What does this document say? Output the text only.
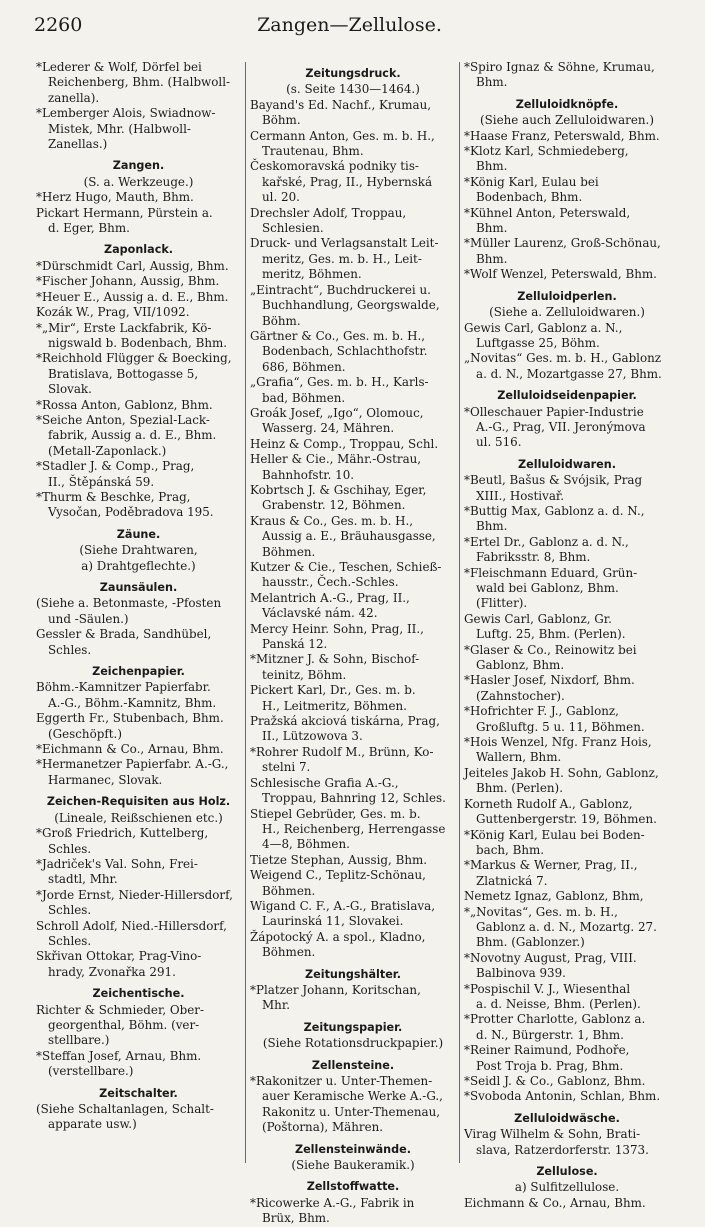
2260	Zangen—Zellulose.
*Lederer & Wolf, Dörfel bei
Reichenberg, Bhm. (Halbwoll-
zanella).
*Lemberger Alois, Swiadnow-
Mistek, Mhr. (Halbwoll-
Zanellas.)
Zangen.
(S. a. Werkzeuge.)
*Herz Hugo, Mauth, Bhm.
Pickart Hermann, Pürstein a.
d. Eger, Bhm.
Zaponlack.
*Dürschmidt Carl, Aussig, Bhm.
*Fischer Johann, Aussig, Bhm.
*Heuer E., Aussig a. d. E., Bhm.
Kozák W., Prag, VII/1092.
*„Mir“, Erste Lackfabrik, Kö-
nigswald b. Bodenbach, Bhm.
*Reichhold Flügger & Boecking,
Bratislava, Bottogasse 5,
Slovak.
*Rossa Anton, Gablonz, Bhm.
*Seiche Anton, Spezial-Lack-
fabrik, Aussig a. d. E., Bhm.
(Metall-Zaponlack.)
*Stadler J. & Comp., Prag,
II., Štěpánská 59.
*Thurm & Beschke, Prag,
Vysočan, Poděbradova 195.
Zäune.
(Siehe Drahtwaren,
a) Drahtgeflechte.)
Zaunsäulen.
(Siehe a. Betonmaste, -Pfosten
und -Säulen.)
Gessler & Brada, Sandhübel,
Schles.
Zeichenpapier.
Böhm.-Kamnitzer Papierfabr.
A.-G., Böhm.-Kamnitz, Bhm.
Eggerth Fr., Stubenbach, Bhm.
(Geschöpft.)
*Eichmann & Co., Arnau, Bhm.
*Hermanetzer Papierfabr. A.-G.,
Harmanec, Slovak.
Zeichen-Requisiten aus Holz.
(Lineale, Reißschienen etc.)
*Groß Friedrich, Kuttelberg,
Schles.
*Jadriček's Val. Sohn, Frei-
stadtl, Mhr.
*Jorde Ernst, Nieder-Hillersdorf,
Schles.
Schroll Adolf, Nied.-Hillersdorf,
Schles.
Skřivan Ottokar, Prag-Vino-
hrady, Zvonařka 291.
Zeichentische.
Richter & Schmieder, Ober-
georgenthal, Böhm. (ver-
stellbare.)
*Steffan Josef, Arnau, Bhm.
(verstellbare.)
Zeitschalter.
(Siehe Schaltanlagen, Schalt-
apparate usw.)
Zeitungsdruck.
(s. Seite 1430—1464.)
Bayand's Ed. Nachf., Krumau,
Böhm.
Cermann Anton, Ges. m. b. H.,
Trautenau, Bhm.
Českomoravská podniky tis-
kařské, Prag, II., Hybernská
ul. 20.
Drechsler Adolf, Troppau,
Schlesien.
Druck- und Verlagsanstalt Leit-
meritz, Ges. m. b. H., Leit-
meritz, Böhmen.
„Eintracht“, Buchdruckerei u.
Buchhandlung, Georgswalde,
Böhm.
Gärtner & Co., Ges. m. b. H.,
Bodenbach, Schlachthofstr.
686, Böhmen.
„Grafia“, Ges. m. b. H., Karls-
bad, Böhmen.
Groák Josef, „Igo“, Olomouc,
Wasserg. 24, Mähren.
Heinz & Comp., Troppau, Schl.
Heller & Cie., Mähr.-Ostrau,
Bahnhofstr. 10.
Kobrtsch J. & Gschihay, Eger,
Grabenstr. 12, Böhmen.
Kraus & Co., Ges. m. b. H.,
Aussig a. E., Bräuhausgasse,
Böhmen.
Kutzer & Cie., Teschen, Schieß-
hausstr., Čech.-Schles.
Melantrich A.-G., Prag, II.,
Václavské nám. 42.
Mercy Heinr. Sohn, Prag, II.,
Panská 12.
*Mitzner J. & Sohn, Bischof-
teinitz, Böhm.
Pickert Karl, Dr., Ges. m. b.
H., Leitmeritz, Böhmen.
Pražská akciová tiskárna, Prag,
II., Lützowova 3.
*Rohrer Rudolf M., Brünn, Ko-
stelni 7.
Schlesische Grafia A.-G.,
Troppau, Bahnring 12, Schles.
Stiepel Gebrüder, Ges. m. b.
H., Reichenberg, Herrengasse
4—8, Böhmen.
Tietze Stephan, Aussig, Bhm.
Weigend C., Teplitz-Schönau,
Böhmen.
Wigand C. F., A.-G., Bratislava,
Laurinská 11, Slovakei.
Žápotocký A. a spol., Kladno,
Böhmen.
Zeitungshälter.
*Platzer Johann, Koritschan,
Mhr.
Zeitungspapier.
(Siehe Rotationsdruckpapier.)
Zellensteine.
*Rakonitzer u. Unter-Themen-
auer Keramische Werke A.-G.,
Rakonitz u. Unter-Themenau,
(Poštorna), Mähren.
Zellensteinwände.
(Siehe Baukeramik.)
Zellstoffwatte.
*Ricowerke A.-G., Fabrik in
Brüx, Bhm.
*Spiro Ignaz & Söhne, Krumau,
Bhm.
Zelluloidknöpfe.
(Siehe auch Zelluloidwaren.)
*Haase Franz, Peterswald, Bhm.
*Klotz Karl, Schmiedeberg,
Bhm.
*König Karl, Eulau bei
Bodenbach, Bhm.
*Kühnel Anton, Peterswald,
Bhm.
*Müller Laurenz, Groß-Schönau,
Bhm.
*Wolf Wenzel, Peterswald, Bhm.
Zelluloidperlen.
(Siehe a. Zelluloidwaren.)
Gewis Carl, Gablonz a. N.,
Luftgasse 25, Böhm.
„Novitas“ Ges. m. b. H., Gablonz
a. d. N., Mozartgasse 27, Bhm.
Zelluloidseidenpapier.
*Olleschauer Papier-Industrie
A.-G., Prag, VII. Jeronýmova
ul. 516.
Zelluloidwaren.
*Beutl, Bašus & Svójsik, Prag
XIII., Hostivař.
*Buttig Max, Gablonz a. d. N.,
Bhm.
*Ertel Dr., Gablonz a. d. N.,
Fabriksstr. 8, Bhm.
*Fleischmann Eduard, Grün-
wald bei Gablonz, Bhm.
(Flitter).
Gewis Carl, Gablonz, Gr.
Luftg. 25, Bhm. (Perlen).
*Glaser & Co., Reinowitz bei
Gablonz, Bhm.
*Hasler Josef, Nixdorf, Bhm.
(Zahnstocher).
*Hofrichter F. J., Gablonz,
Großluftg. 5 u. 11, Böhmen.
*Hois Wenzel, Nfg. Franz Hois,
Wallern, Bhm.
Jeiteles Jakob H. Sohn, Gablonz,
Bhm. (Perlen).
Korneth Rudolf A., Gablonz,
Guttenbergerstr. 19, Böhmen.
*König Karl, Eulau bei Boden-
bach, Bhm.
*Markus & Werner, Prag, II.,
Zlatnická 7.
Nemetz Ignaz, Gablonz, Bhm,
*„Novitas“, Ges. m. b. H.,
Gablonz a. d. N., Mozartg. 27.
Bhm. (Gablonzer.)
*Novotny August, Prag, VIII.
Balbinova 939.
*Pospischil V. J., Wiesenthal
a. d. Neisse, Bhm. (Perlen).
*Protter Charlotte, Gablonz a.
d. N., Bürgerstr. 1, Bhm.
*Reiner Raimund, Podhoře,
Post Troja b. Prag, Bhm.
*Seidl J. & Co., Gablonz, Bhm.
*Svoboda Antonin, Schlan, Bhm.
Zelluloidwäsche.
Virag Wilhelm & Sohn, Brati-
slava, Ratzerdorferstr. 1373.
Zellulose.
a) Sulfitzellulose.
Eichmann & Co., Arnau, Bhm.
